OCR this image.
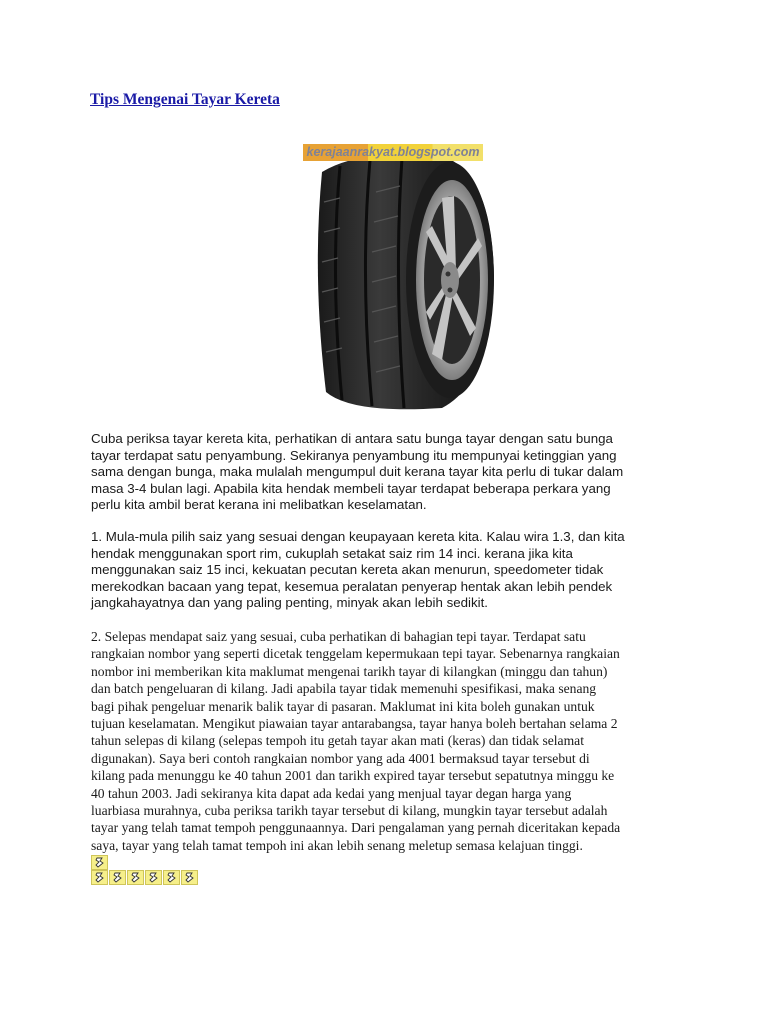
Tips Mengenai Tayar Kereta
kerajaanrakyat.blogspot.com
Cuba periksa tayar kereta kita, perhatikan di antara satu bunga tayar dengan satu bunga
tayar terdapat satu penyambung. Sekiranya penyambung itu mempunyai ketinggian yang
sama dengan bunga, maka mulalah mengumpul duit kerana tayar kita perlu di tukar dalam
masa 3-4 bulan lagi. Apabila kita hendak membeli tayar terdapat beberapa perkara yang
perlu kita ambil berat kerana ini melibatkan keselamatan.
1. Mula-mula pilih saiz yang sesuai dengan keupayaan kereta kita. Kalau wira 1.3, dan kita
hendak menggunakan sport rim, cukuplah setakat saiz rim 14 inci. kerana jika kita
menggunakan saiz 15 inci, kekuatan pecutan kereta akan menurun, speedometer tidak
merekodkan bacaan yang tepat, kesemua peralatan penyerap hentak akan lebih pendek
jangkahayatnya dan yang paling penting, minyak akan lebih sedikit.
2. Selepas mendapat saiz yang sesuai, cuba perhatikan di bahagian tepi tayar. Terdapat satu
rangkaian nombor yang seperti dicetak tenggelam kepermukaan tepi tayar. Sebenarnya rangkaian
nombor ini memberikan kita maklumat mengenai tarikh tayar di kilangkan (minggu dan tahun)
dan batch pengeluaran di kilang. Jadi apabila tayar tidak memenuhi spesifikasi, maka senang
bagi pihak pengeluar menarik balik tayar di pasaran. Maklumat ini kita boleh gunakan untuk
tujuan keselamatan. Mengikut piawaian tayar antarabangsa, tayar hanya boleh bertahan selama 2
tahun selepas di kilang (selepas tempoh itu getah tayar akan mati (keras) dan tidak selamat
digunakan). Saya beri contoh rangkaian nombor yang ada 4001 bermaksud tayar tersebut di
kilang pada menunggu ke 40 tahun 2001 dan tarikh expired tayar tersebut sepatutnya minggu ke
40 tahun 2003. Jadi sekiranya kita dapat ada kedai yang menjual tayar degan harga yang
luarbiasa murahnya, cuba periksa tarikh tayar tersebut di kilang, mungkin tayar tersebut adalah
tayar yang telah tamat tempoh penggunaannya. Dari pengalaman yang pernah diceritakan kepada
saya, tayar yang telah tamat tempoh ini akan lebih senang meletup semasa kelajuan tinggi.
